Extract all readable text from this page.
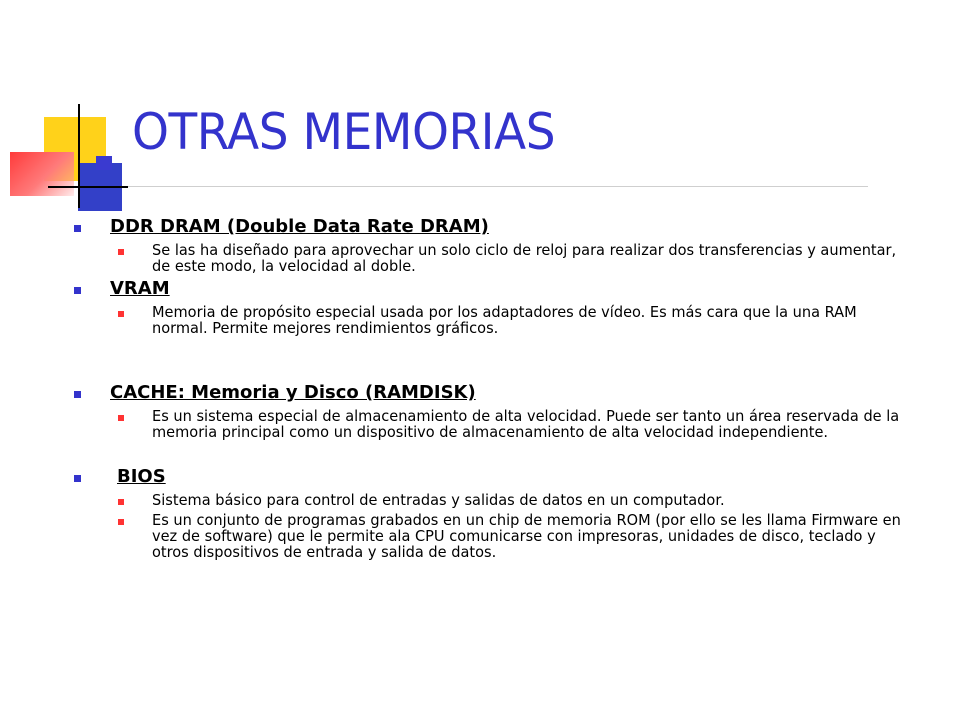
OTRAS MEMORIAS
DDR DRAM (Double Data Rate DRAM)
Se las ha diseñado para aprovechar un solo ciclo de reloj para realizar dos transferencias y aumentar, de este modo, la velocidad al doble.
VRAM
Memoria de propósito especial usada por los adaptadores de vídeo. Es más cara que la una RAM normal. Permite mejores rendimientos gráficos.
CACHE: Memoria y Disco (RAMDISK)
Es un sistema especial de almacenamiento de alta velocidad. Puede ser tanto un área reservada de la memoria principal como un dispositivo de almacenamiento de alta velocidad independiente.
BIOS
Sistema básico para control de entradas y salidas de datos en un computador.
Es un conjunto de programas grabados en un chip de memoria ROM (por ello se les llama Firmware en vez de software) que le permite ala CPU comunicarse con impresoras, unidades de disco, teclado y otros dispositivos de entrada y salida de datos.
